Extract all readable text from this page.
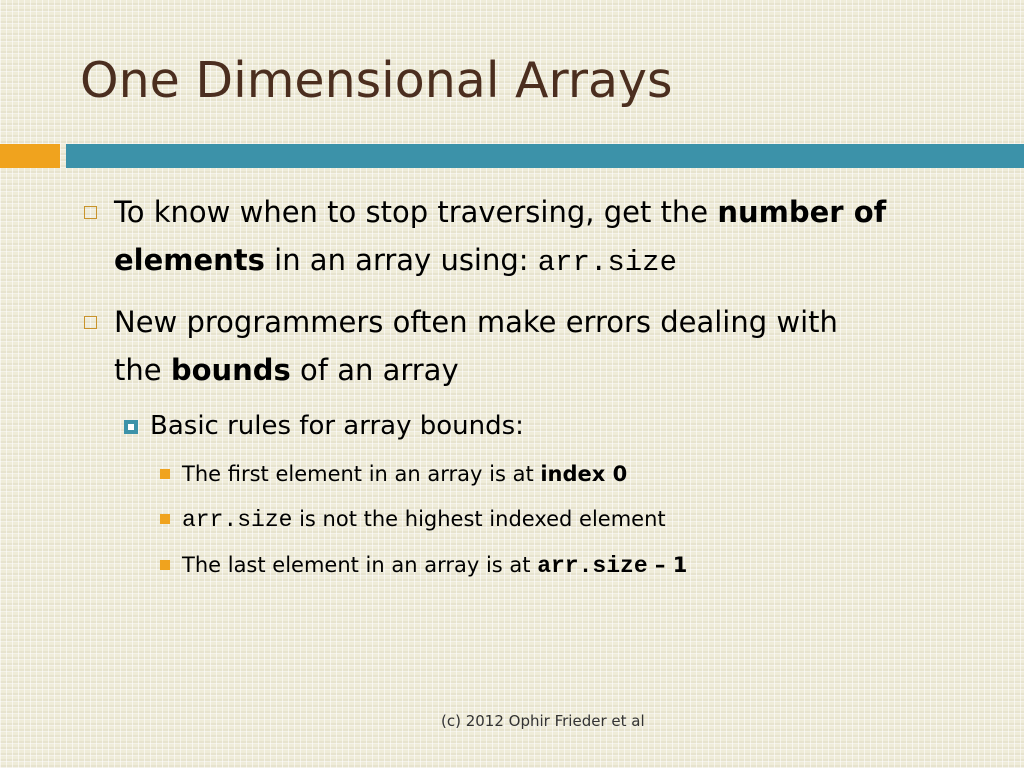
One Dimensional Arrays
To know when to stop traversing, get the number of
elements in an array using: arr.size
New programmers often make errors dealing with
the bounds of an array
Basic rules for array bounds:
The first element in an array is at index 0
arr.size is not the highest indexed element
The last element in an array is at arr.size – 1
(c) 2012 Ophir Frieder et al
